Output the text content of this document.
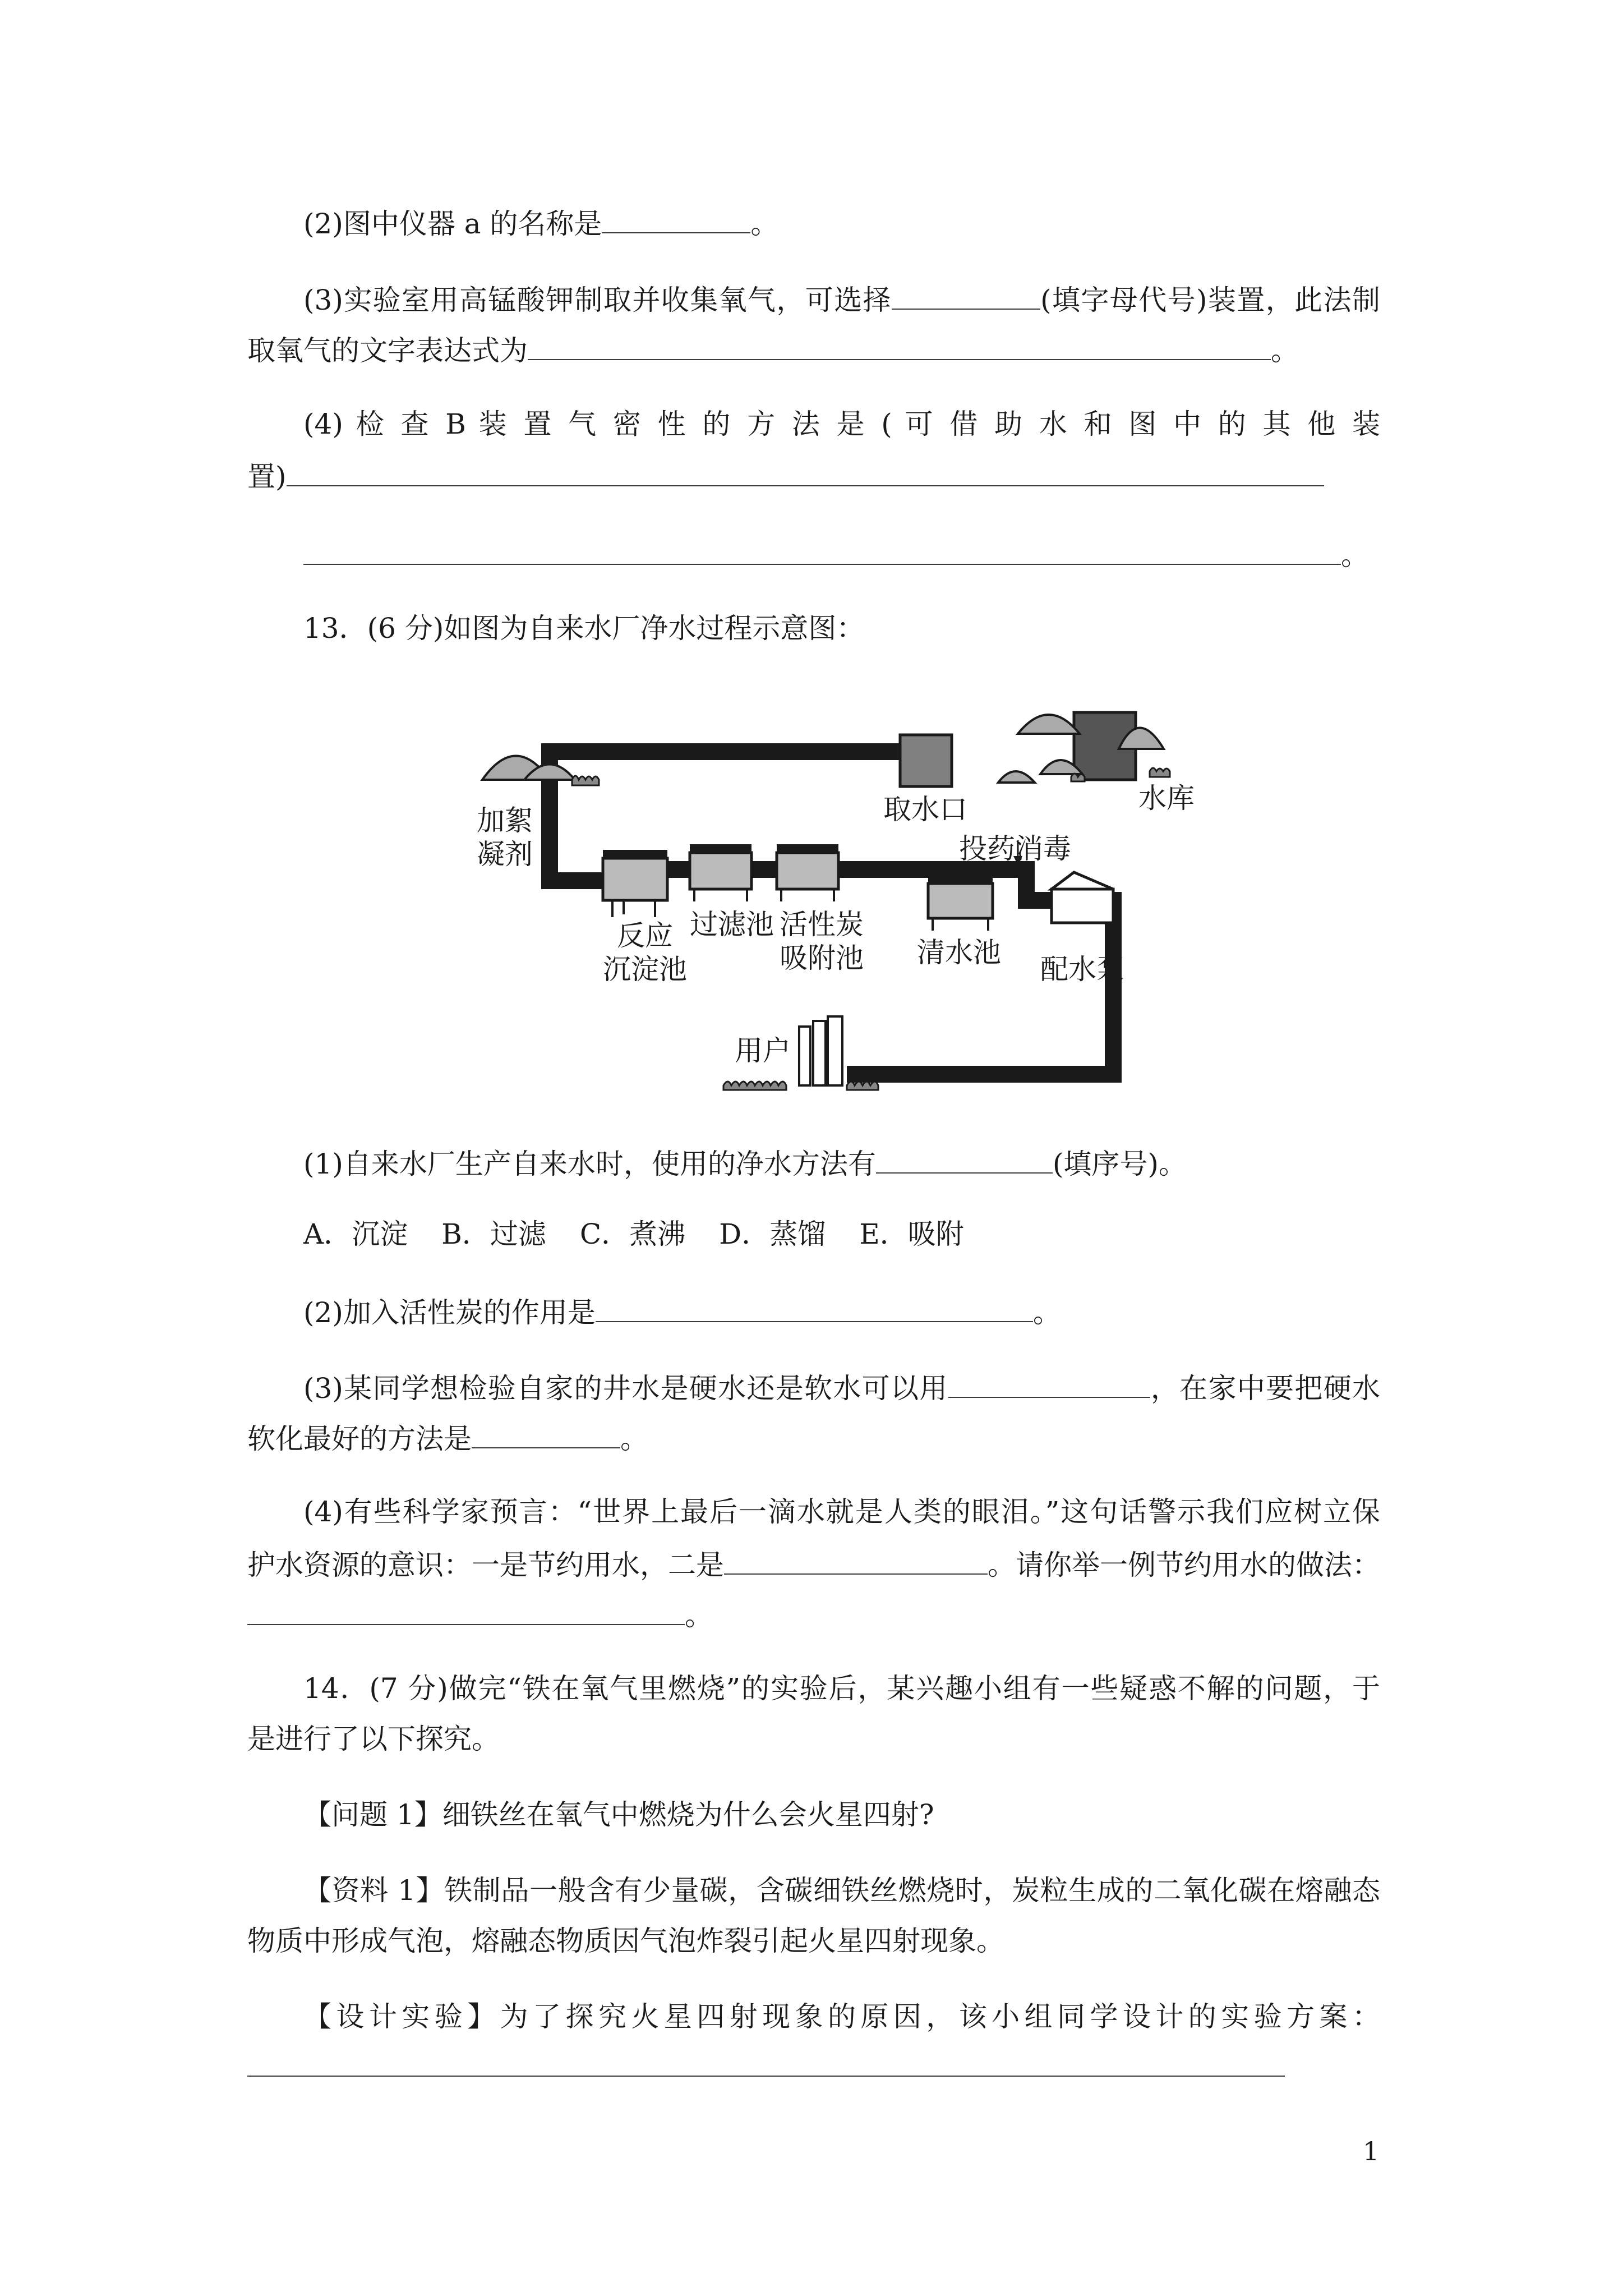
(2)图中仪器 a 的名称是	。
(3)实验室用高锰酸钾制取并收集氧气，可选择	(填字母代号)装置，此法制
取氧气的文字表达式为	。
(4) 检 查 B 装 置 气 密 性 的 方 法 是 ( 可 借 助 水 和 图 中 的 其 他 装
置)
。
13．(6 分)如图为自来水厂净水过程示意图：
取水口	水库
加絮
凝剂	投药消毒
反应
沉淀池
过滤池 活性炭
吸附池 清水池
配水泵
用户
(1)自来水厂生产自来水时，使用的净水方法有	(填序号)。
A．沉淀 B．过滤 C．煮沸 D．蒸馏 E．吸附
(2)加入活性炭的作用是	。
(3)某同学想检验自家的井水是硬水还是软水可以用	，在家中要把硬水
软化最好的方法是	。
(4)有些科学家预言：“世界上最后一滴水就是人类的眼泪。”这句话警示我们应树立保
护水资源的意识：一是节约用水，二是	。请你举一例节约用水的做法：
。
14．(7 分)做完“铁在氧气里燃烧”的实验后，某兴趣小组有一些疑惑不解的问题，于
是进行了以下探究。
【问题 1】细铁丝在氧气中燃烧为什么会火星四射?
【资料 1】铁制品一般含有少量碳，含碳细铁丝燃烧时，炭粒生成的二氧化碳在熔融态
物质中形成气泡，熔融态物质因气泡炸裂引起火星四射现象。
【设计实验】为了探究火星四射现象的原因，该小组同学设计的实验方案：
1
